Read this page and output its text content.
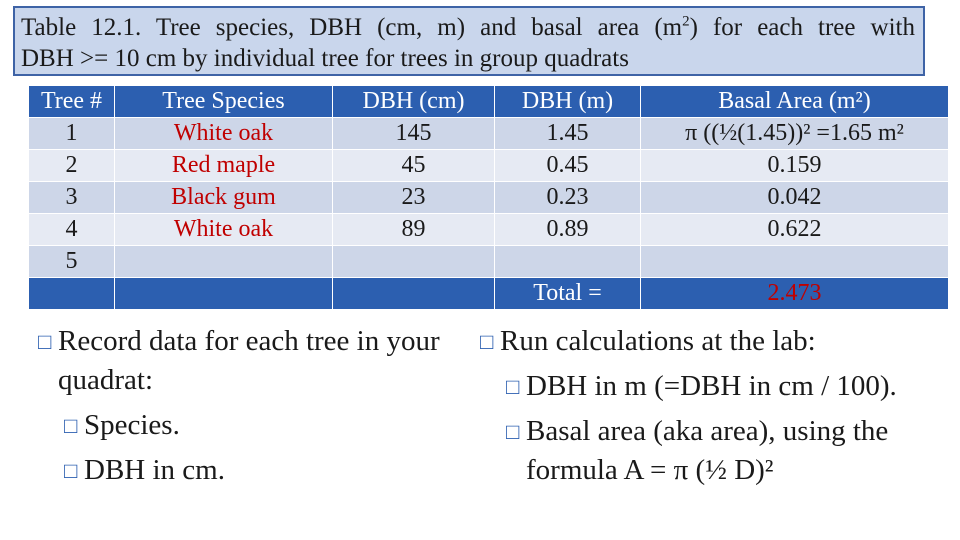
Table 12.1. Tree species, DBH (cm, m) and basal area $(m^2)$ for each tree with
DBH >= 10 cm by individual tree for trees in group quadrats
Tree #	Tree Species	DBH (cm)	DBH (m)	Basal Area (m²)
1	White oak	145	1.45	π ((½(1.45))² =1.65 m²
2	Red maple	45	0.45	0.159
3	Black gum	23	0.23	0.042
4	White oak	89	0.89	0.622
5				
			Total =	2.473
□ Record data for each tree in your quadrat:
□ Species.
□ DBH in cm.
□ Run calculations at the lab:
□ DBH in m (=DBH in cm / 100).
□ Basal area (aka area), using the formula A = π (½ D)²
